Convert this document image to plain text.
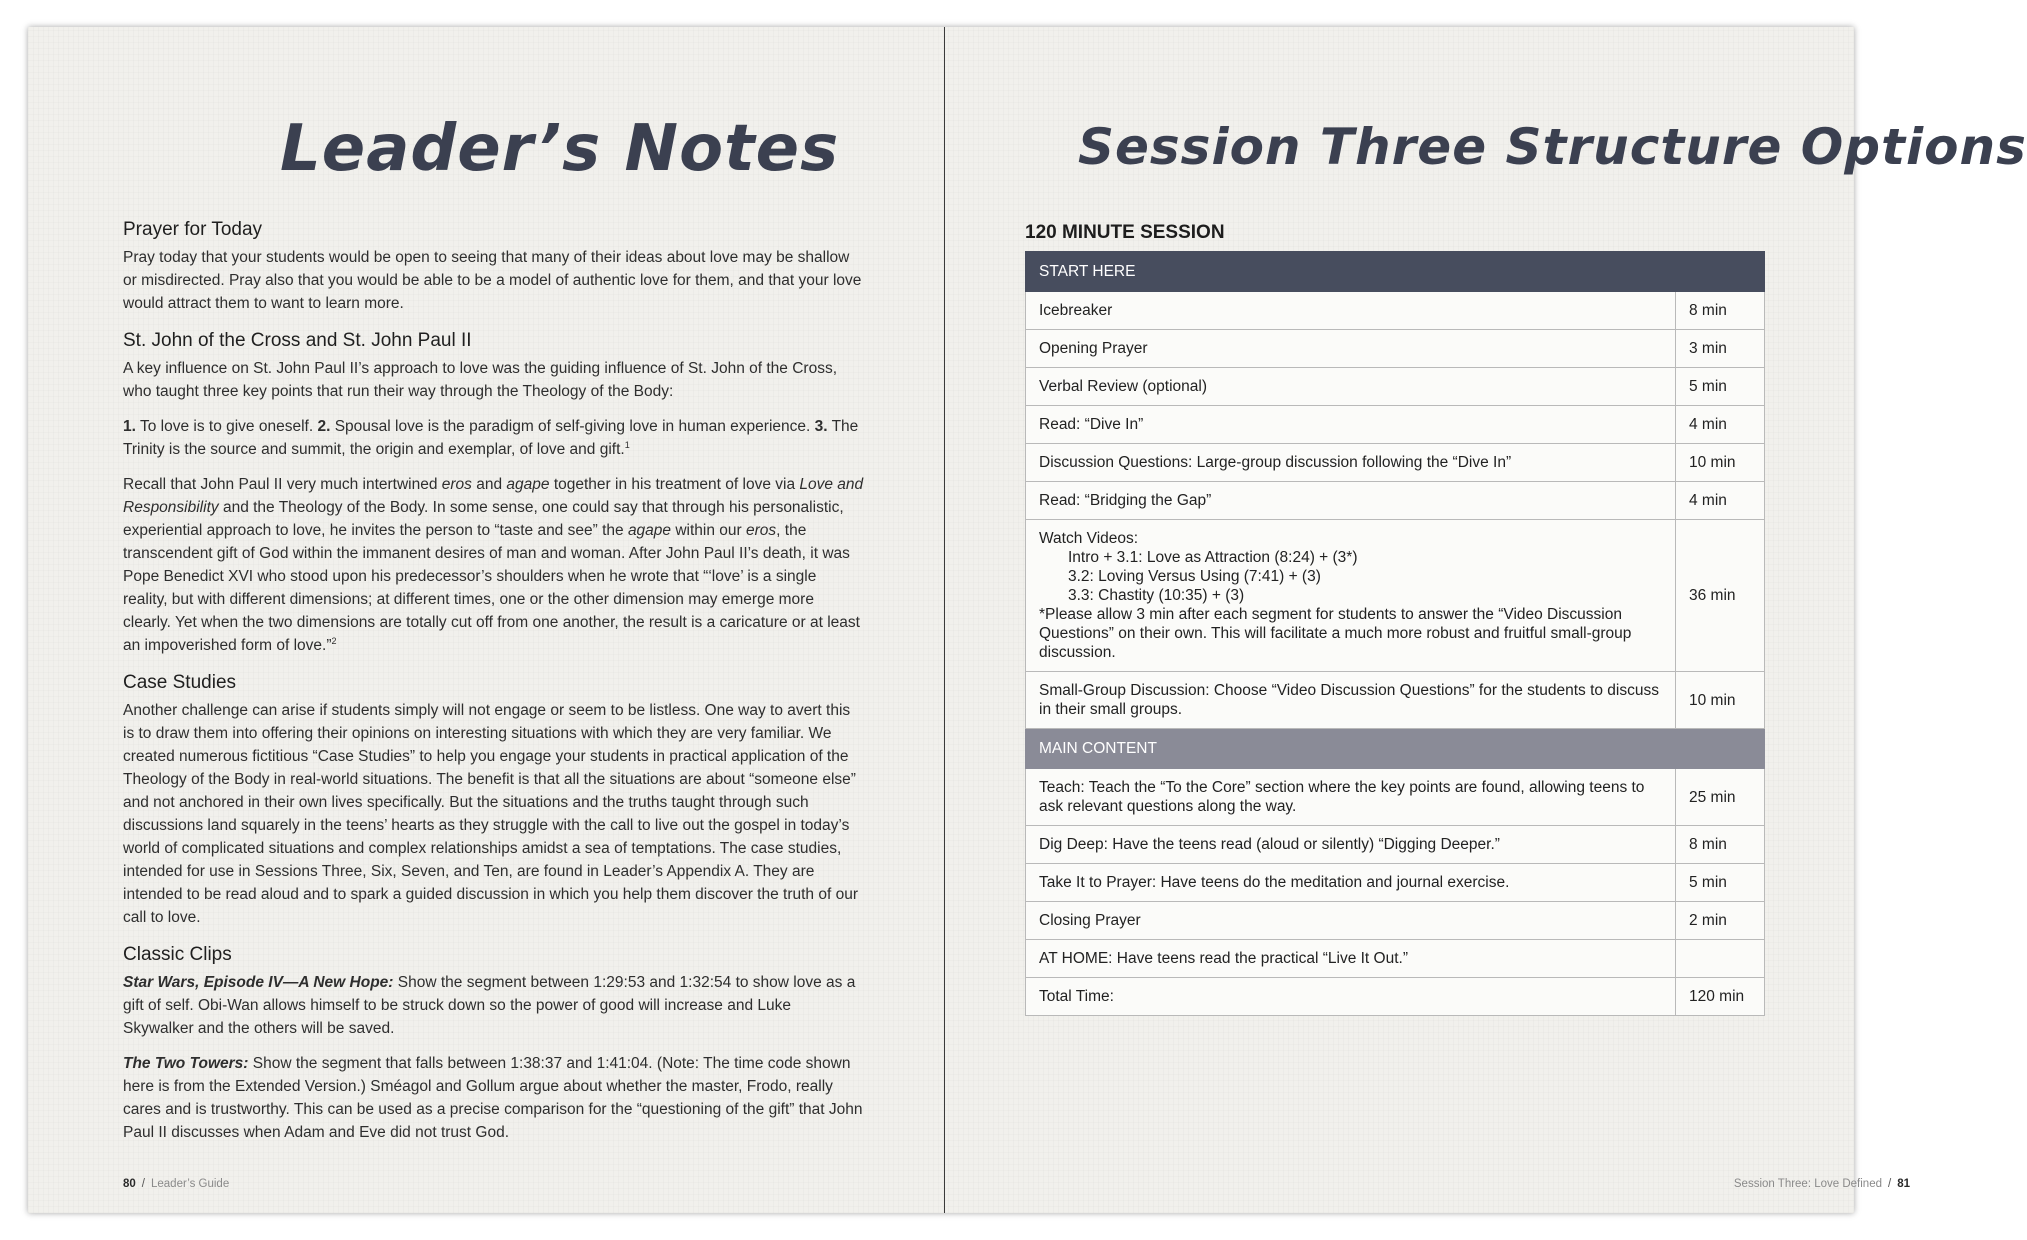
Leader’s Notes
Prayer for Today

Pray today that your students would be open to seeing that many of their ideas about love may be shallow or misdirected. Pray also that you would be able to be a model of authentic love for them, and that your love would attract them to want to learn more.

St. John of the Cross and St. John Paul II

A key influence on St. John Paul II’s approach to love was the guiding influence of St. John of the Cross, who taught three key points that run their way through the Theology of the Body:

1. To love is to give oneself. 2. Spousal love is the paradigm of self-giving love in human experience. 3. The Trinity is the source and summit, the origin and exemplar, of love and gift.$^1$

Recall that John Paul II very much intertwined eros and agape together in his treatment of love via Love and Responsibility and the Theology of the Body. In some sense, one could say that through his personalistic, experiential approach to love, he invites the person to “taste and see” the agape within our eros, the transcendent gift of God within the immanent desires of man and woman. After John Paul II’s death, it was Pope Benedict XVI who stood upon his predecessor’s shoulders when he wrote that “‘love’ is a single reality, but with different dimensions; at different times, one or the other dimension may emerge more clearly. Yet when the two dimensions are totally cut off from one another, the result is a caricature or at least an impoverished form of love.”$^2$

Case Studies

Another challenge can arise if students simply will not engage or seem to be listless. One way to avert this is to draw them into offering their opinions on interesting situations with which they are very familiar. We created numerous fictitious “Case Studies” to help you engage your students in practical application of the Theology of the Body in real-world situations. The benefit is that all the situations are about “someone else” and not anchored in their own lives specifically. But the situations and the truths taught through such discussions land squarely in the teens’ hearts as they struggle with the call to live out the gospel in today’s world of complicated situations and complex relationships amidst a sea of temptations. The case studies, intended for use in Sessions Three, Six, Seven, and Ten, are found in Leader’s Appendix A. They are intended to be read aloud and to spark a guided discussion in which you help them discover the truth of our call to love.

Classic Clips

Star Wars, Episode IV—A New Hope: Show the segment between 1:29:53 and 1:32:54 to show love as a gift of self. Obi-Wan allows himself to be struck down so the power of good will increase and Luke Skywalker and the others will be saved.

The Two Towers: Show the segment that falls between 1:38:37 and 1:41:04. (Note: The time code shown here is from the Extended Version.) Sméagol and Gollum argue about whether the master, Frodo, really cares and is trustworthy. This can be used as a precise comparison for the “questioning of the gift” that John Paul II discusses when Adam and Eve did not trust God.

80 / Leader’s Guide
Session Three Structure Options
120 MINUTE SESSION
START HERE	
Icebreaker	8 min
Opening Prayer	3 min
Verbal Review (optional)	5 min
Read: “Dive In”	4 min
Discussion Questions: Large-group discussion following the “Dive In”	10 min
Read: “Bridging the Gap”	4 min
Watch Videos:
Intro + 3.1: Love as Attraction (8:24) + (3*)
3.2: Loving Versus Using (7:41) + (3)
3.3: Chastity (10:35) + (3)
*Please allow 3 min after each segment for students to answer the “Video Discussion Questions” on their own. This will facilitate a much more robust and fruitful small-group discussion.	36 min
Small-Group Discussion: Choose “Video Discussion Questions” for the students to discuss in their small groups.	10 min
MAIN CONTENT	
Teach: Teach the “To the Core” section where the key points are found, allowing teens to ask relevant questions along the way.	25 min
Dig Deep: Have the teens read (aloud or silently) “Digging Deeper.”	8 min
Take It to Prayer: Have teens do the meditation and journal exercise.	5 min
Closing Prayer	2 min
AT HOME: Have teens read the practical “Live It Out.”	
Total Time:	120 min
Session Three: Love Defined / 81
